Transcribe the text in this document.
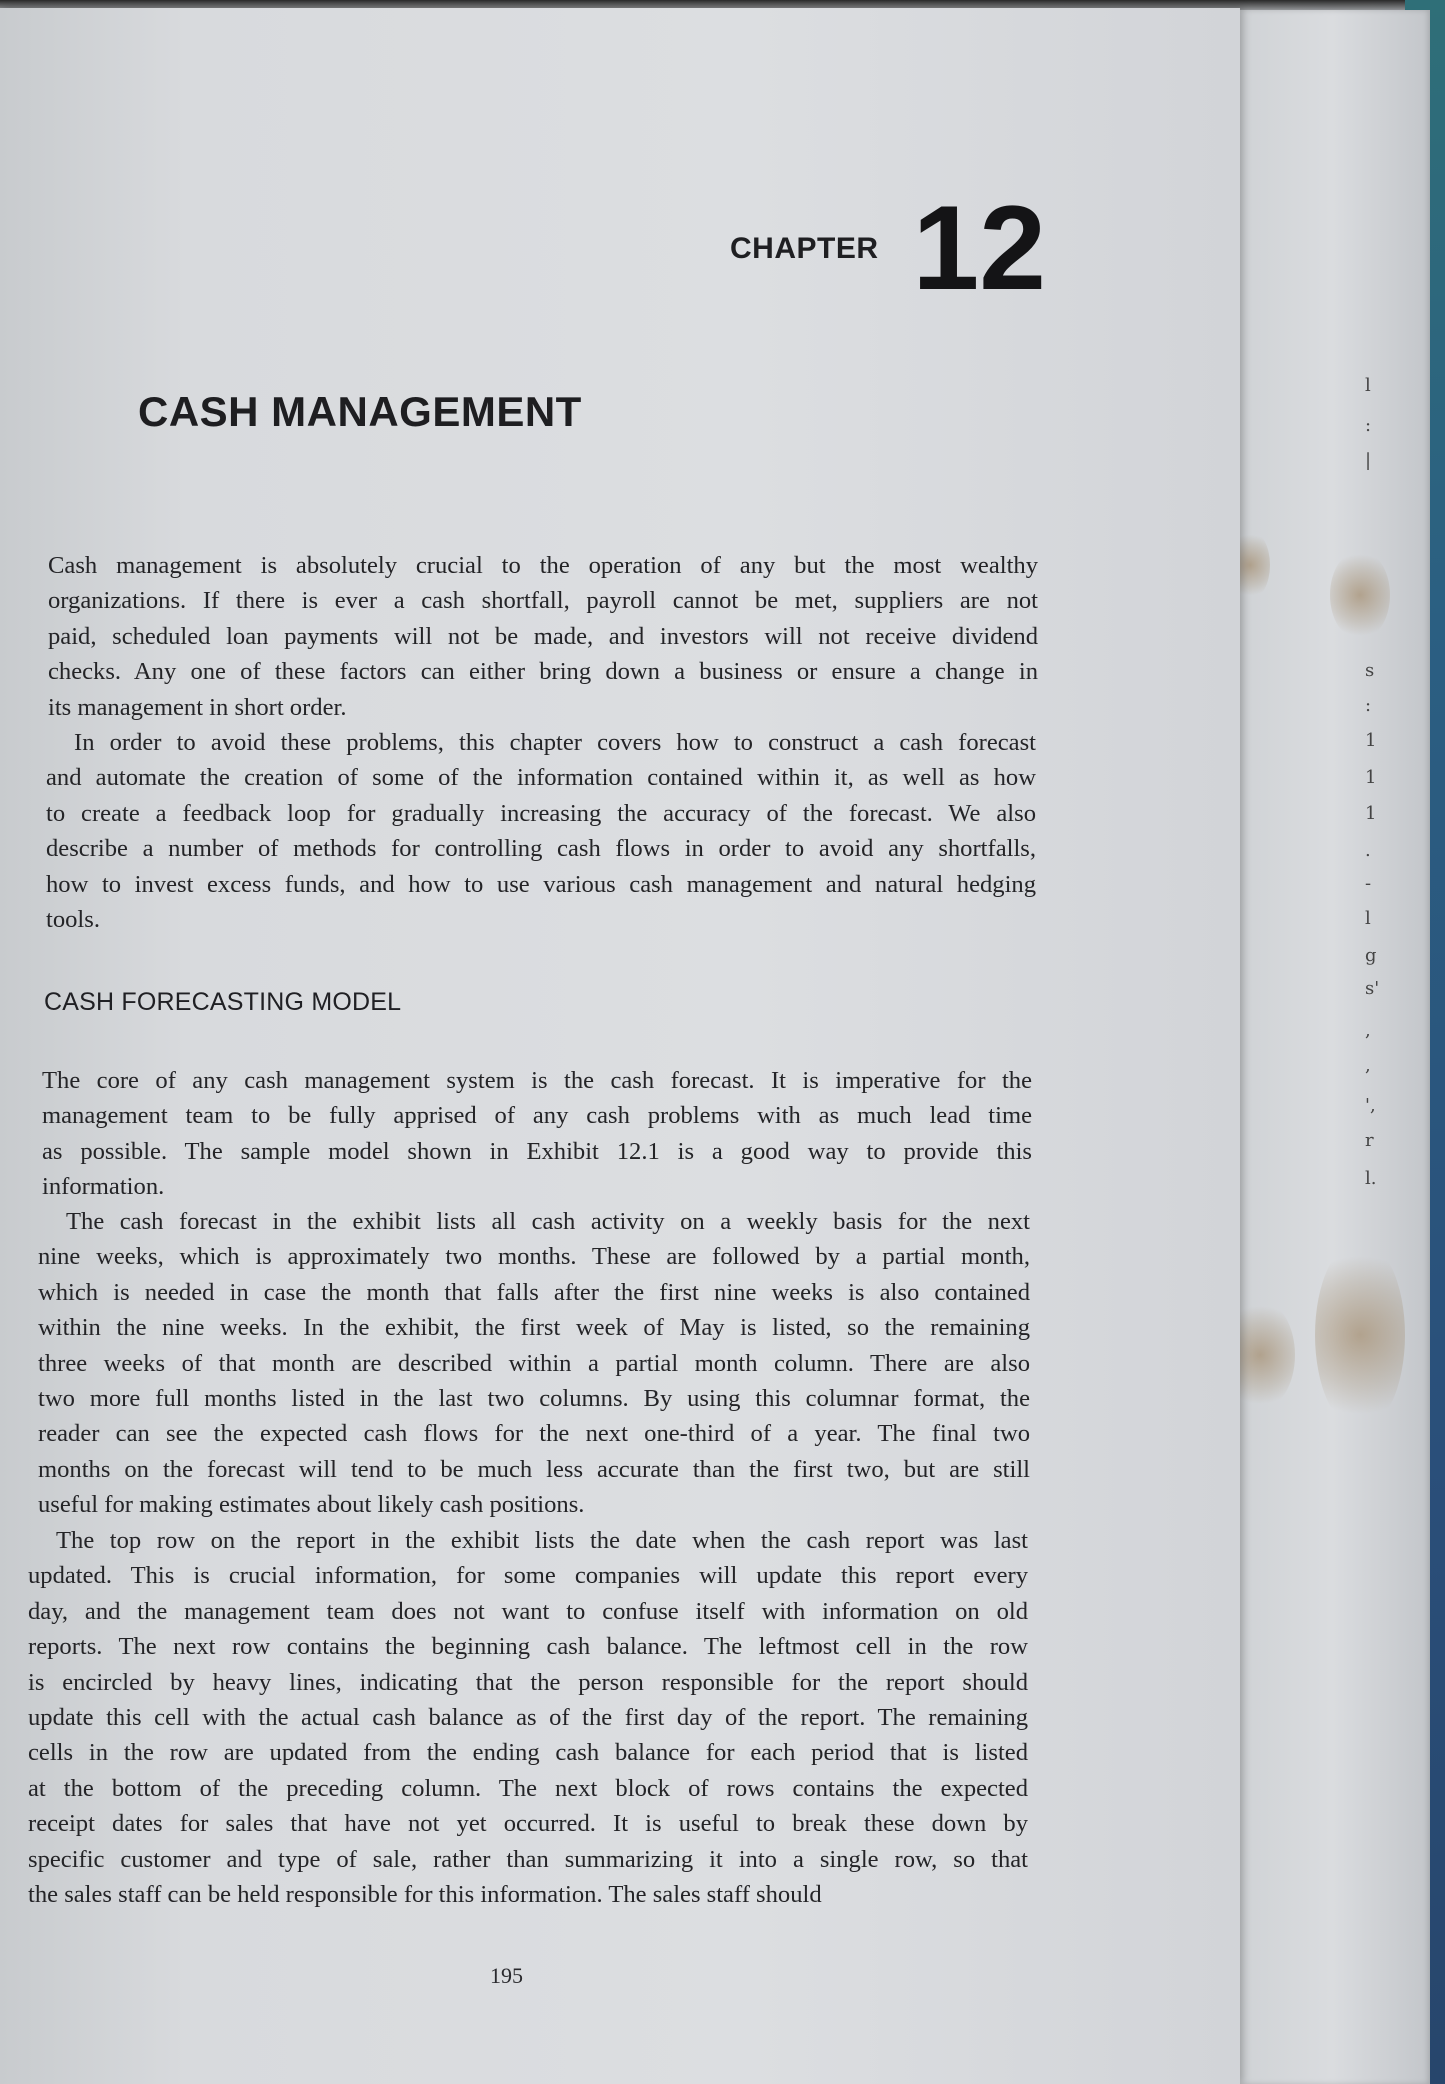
l
:
|
s
:
1
1
1
.
-
l
g
s'
,
,
',
r
l.
CHAPTER 12
CASH MANAGEMENT

Cash management is absolutely crucial to the operation of any but the most wealthy
organizations. If there is ever a cash shortfall, payroll cannot be met, suppliers are not
paid, scheduled loan payments will not be made, and investors will not receive dividend
checks. Any one of these factors can either bring down a business or ensure a change in
its management in short order.

In order to avoid these problems, this chapter covers how to construct a cash forecast
and automate the creation of some of the information contained within it, as well as how
to create a feedback loop for gradually increasing the accuracy of the forecast. We also
describe a number of methods for controlling cash flows in order to avoid any shortfalls,
how to invest excess funds, and how to use various cash management and natural hedging
tools.

CASH FORECASTING MODEL

The core of any cash management system is the cash forecast. It is imperative for the
management team to be fully apprised of any cash problems with as much lead time
as possible. The sample model shown in Exhibit 12.1 is a good way to provide this
information.

The cash forecast in the exhibit lists all cash activity on a weekly basis for the next
nine weeks, which is approximately two months. These are followed by a partial month,
which is needed in case the month that falls after the first nine weeks is also contained
within the nine weeks. In the exhibit, the first week of May is listed, so the remaining
three weeks of that month are described within a partial month column. There are also
two more full months listed in the last two columns. By using this columnar format, the
reader can see the expected cash flows for the next one-third of a year. The final two
months on the forecast will tend to be much less accurate than the first two, but are still
useful for making estimates about likely cash positions.

The top row on the report in the exhibit lists the date when the cash report was last
updated. This is crucial information, for some companies will update this report every
day, and the management team does not want to confuse itself with information on old
reports. The next row contains the beginning cash balance. The leftmost cell in the row
is encircled by heavy lines, indicating that the person responsible for the report should
update this cell with the actual cash balance as of the first day of the report. The remaining
cells in the row are updated from the ending cash balance for each period that is listed
at the bottom of the preceding column. The next block of rows contains the expected
receipt dates for sales that have not yet occurred. It is useful to break these down by
specific customer and type of sale, rather than summarizing it into a single row, so that
the sales staff can be held responsible for this information. The sales staff should

195
